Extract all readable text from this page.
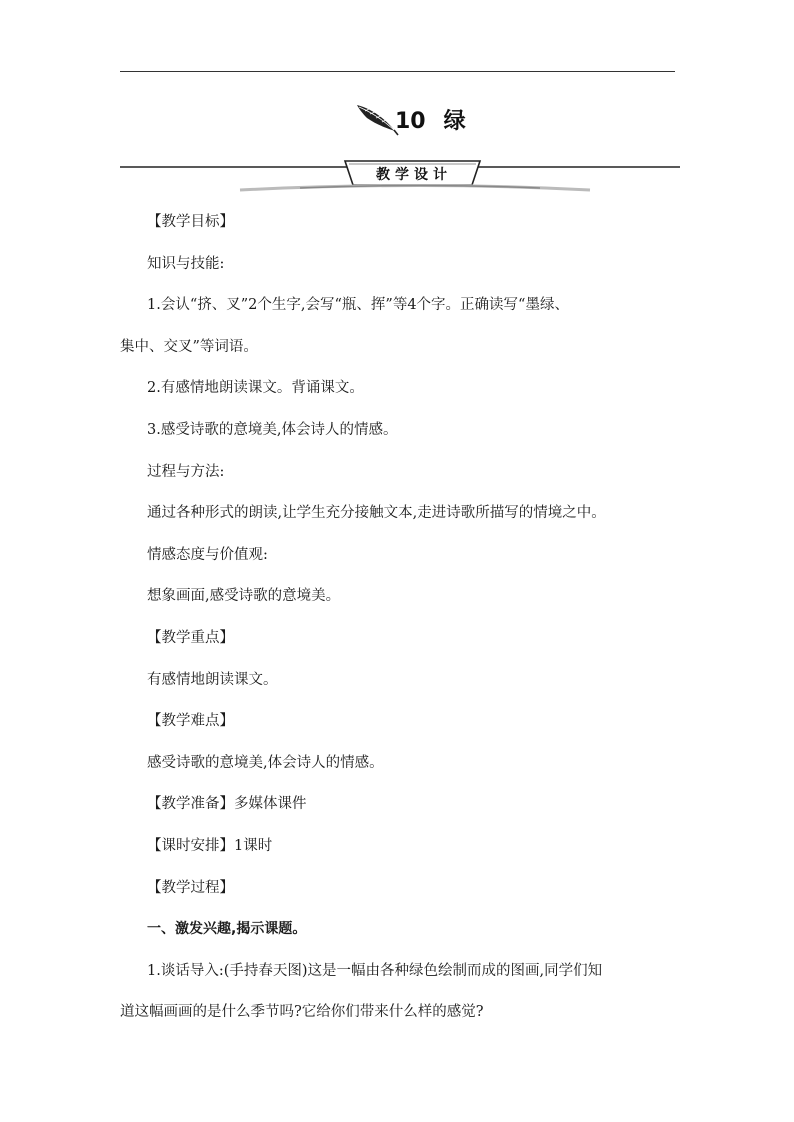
10 绿
教学设计
【教学目标】
知识与技能:
1.会认“挤、叉”2个生字,会写“瓶、挥”等4个字。正确读写“墨绿、
集中、交叉”等词语。
2.有感情地朗读课文。背诵课文。
3.感受诗歌的意境美,体会诗人的情感。
过程与方法:
通过各种形式的朗读,让学生充分接触文本,走进诗歌所描写的情境之中。
情感态度与价值观:
想象画面,感受诗歌的意境美。
【教学重点】
有感情地朗读课文。
【教学难点】
感受诗歌的意境美,体会诗人的情感。
【教学准备】多媒体课件
【课时安排】1课时
【教学过程】
一、激发兴趣,揭示课题。
1.谈话导入:(手持春天图)这是一幅由各种绿色绘制而成的图画,同学们知
道这幅画画的是什么季节吗?它给你们带来什么样的感觉?
